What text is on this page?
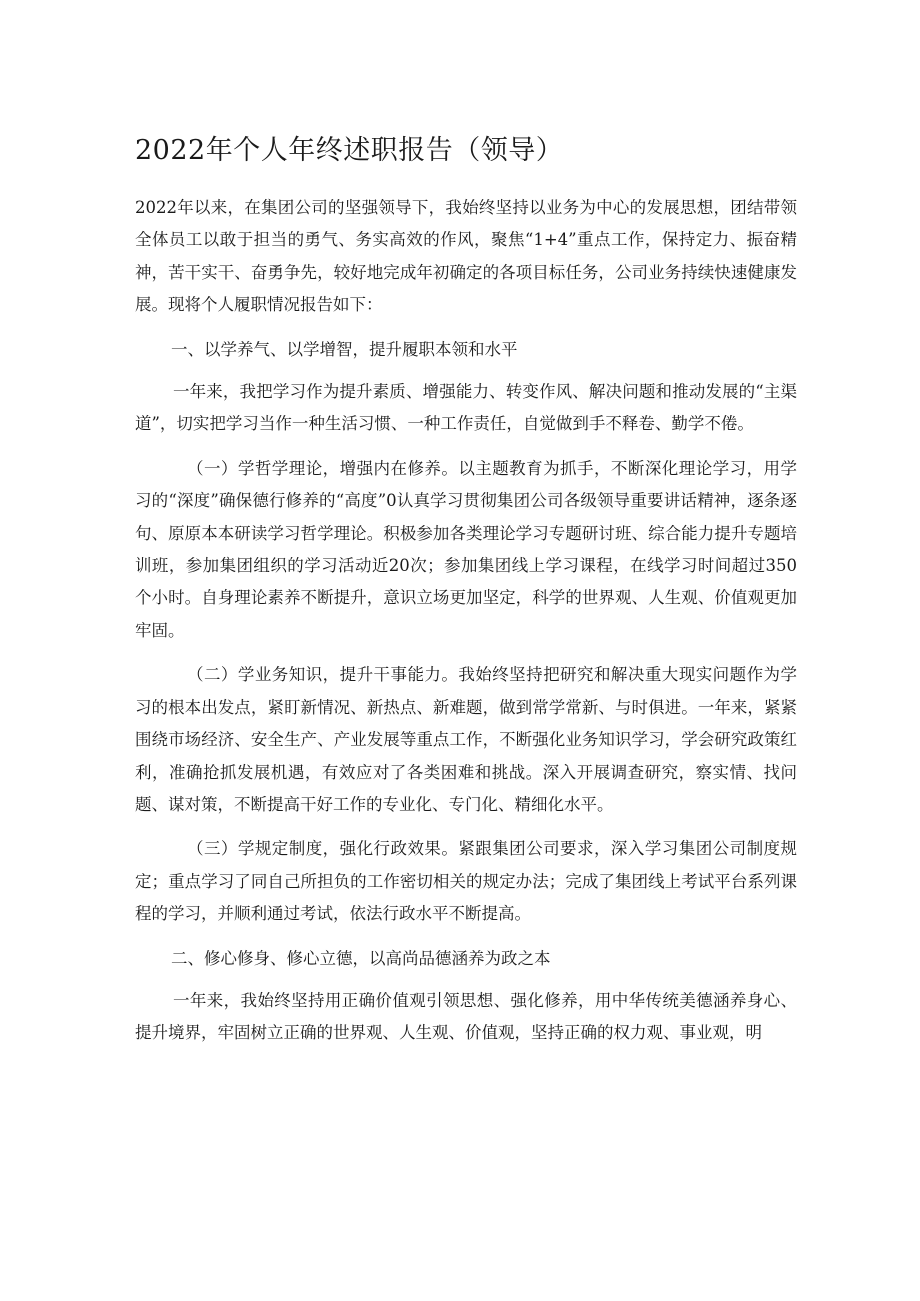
2022年个人年终述职报告（领导）

2022年以来，在集团公司的坚强领导下，我始终坚持以业务为中心的发展思想，团结带领全体员工以敢于担当的勇气、务实高效的作风，聚焦“1+4”重点工作，保持定力、振奋精神，苦干实干、奋勇争先，较好地完成年初确定的各项目标任务，公司业务持续快速健康发展。现将个人履职情况报告如下：

一、以学养气、以学增智，提升履职本领和水平

一年来，我把学习作为提升素质、增强能力、转变作风、解决问题和推动发展的“主渠道”，切实把学习当作一种生活习惯、一种工作责任，自觉做到手不释卷、勤学不倦。

（一）学哲学理论，增强内在修养。以主题教育为抓手，不断深化理论学习，用学习的“深度”确保德行修养的“高度”0认真学习贯彻集团公司各级领导重要讲话精神，逐条逐句、原原本本研读学习哲学理论。积极参加各类理论学习专题研讨班、综合能力提升专题培训班，参加集团组织的学习活动近20次；参加集团线上学习课程，在线学习时间超过350个小时。自身理论素养不断提升，意识立场更加坚定，科学的世界观、人生观、价值观更加牢固。

（二）学业务知识，提升干事能力。我始终坚持把研究和解决重大现实问题作为学习的根本出发点，紧盯新情况、新热点、新难题，做到常学常新、与时俱进。一年来，紧紧围绕市场经济、安全生产、产业发展等重点工作，不断强化业务知识学习，学会研究政策红利，准确抢抓发展机遇，有效应对了各类困难和挑战。深入开展调查研究，察实情、找问题、谋对策，不断提高干好工作的专业化、专门化、精细化水平。

（三）学规定制度，强化行政效果。紧跟集团公司要求，深入学习集团公司制度规定；重点学习了同自己所担负的工作密切相关的规定办法；完成了集团线上考试平台系列课程的学习，并顺利通过考试，依法行政水平不断提高。

二、修心修身、修心立德，以高尚品德涵养为政之本

一年来，我始终坚持用正确价值观引领思想、强化修养，用中华传统美德涵养身心、提升境界，牢固树立正确的世界观、人生观、价值观，坚持正确的权力观、事业观，明
